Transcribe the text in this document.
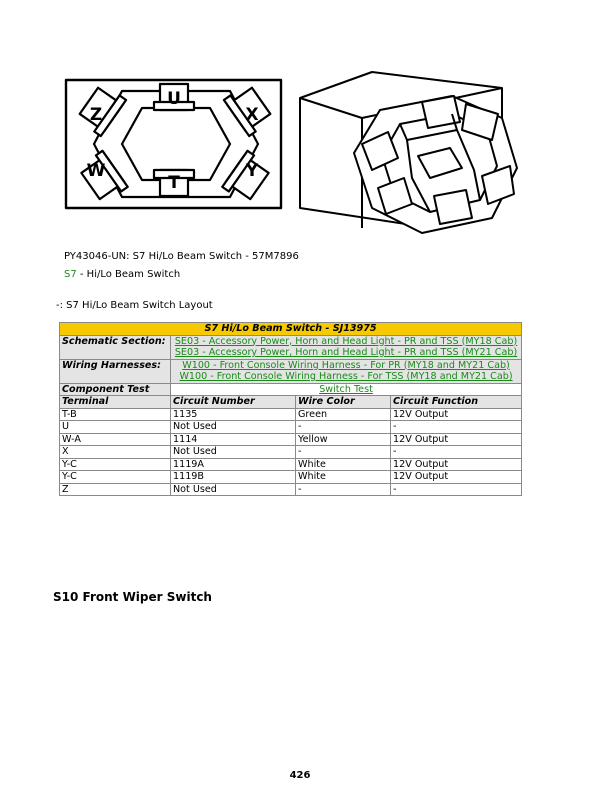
U
X
Y
T
W
Z
PY43046-UN: S7 Hi/Lo Beam Switch - 57M7896
S7 - Hi/Lo Beam Switch
-: S7 Hi/Lo Beam Switch Layout
S7 Hi/Lo Beam Switch - SJ13975			
Schematic Section:	SE03 - Accessory Power, Horn and Head Light - PR and TSS (MY18 Cab)
SE03 - Accessory Power, Horn and Head Light - PR and TSS (MY21 Cab)		

Wiring Harnesses:	W100 - Front Console Wiring Harness - For PR (MY18 and MY21 Cab)
W100 - Front Console Wiring Harness - For TSS (MY18 and MY21 Cab)		

Component Test	Switch Test		
Terminal	Circuit Number	Wire Color	Circuit Function
T-B	1135	Green	12V Output
U	Not Used	-	-
W-A	1114	Yellow	12V Output
X	Not Used	-	-
Y-C	1119A	White	12V Output
Y-C	1119B	White	12V Output
Z	Not Used	-	-
S10 Front Wiper Switch
426
